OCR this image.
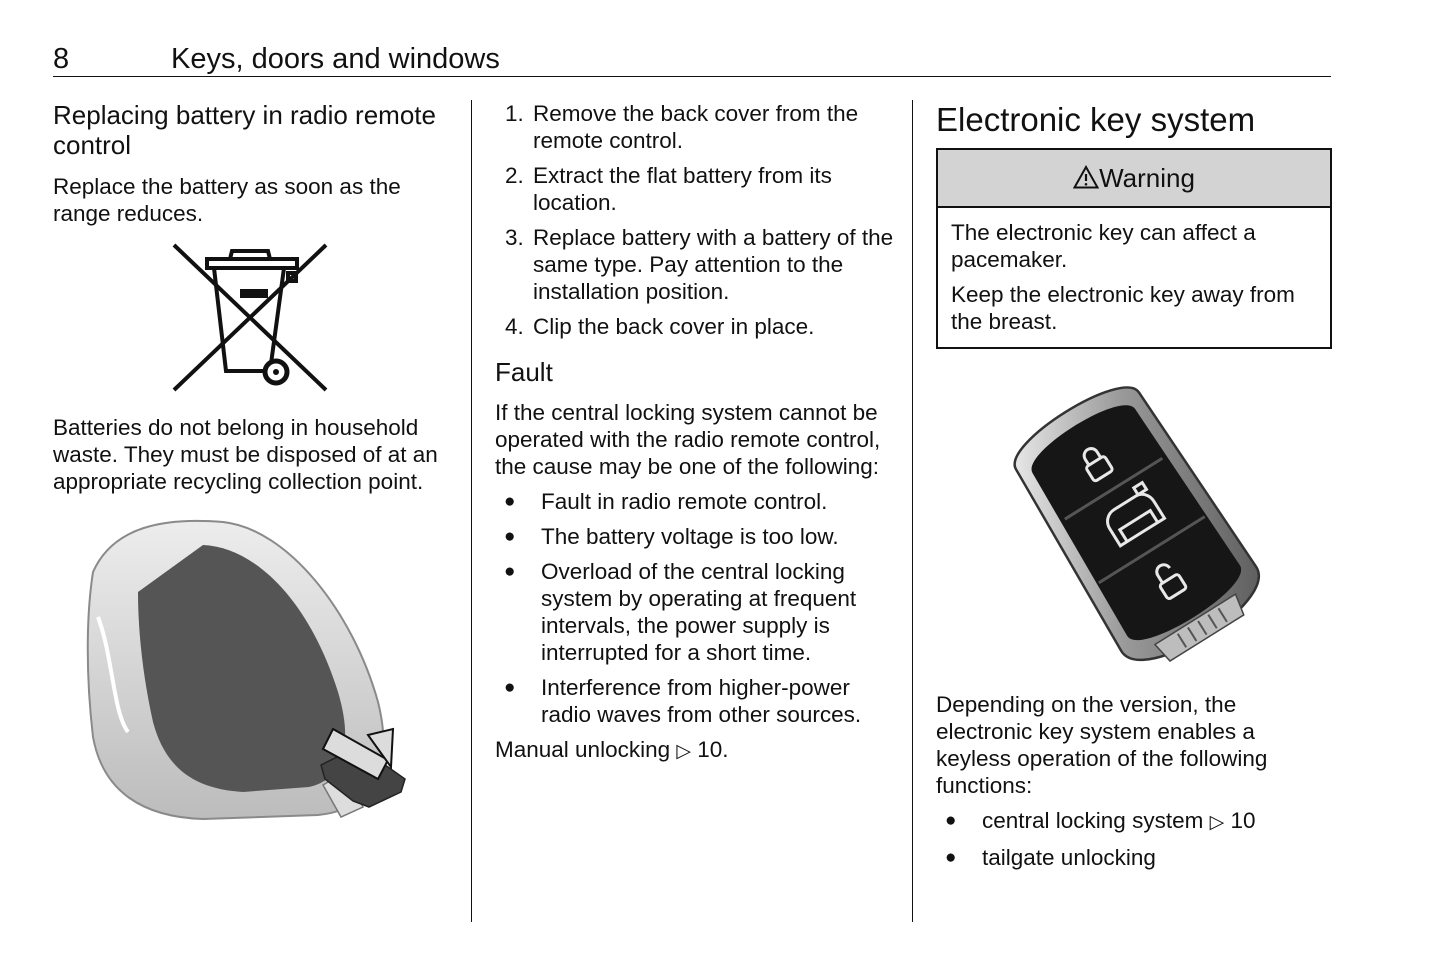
8	Keys, doors and windows
Replacing battery in radio remote control

Replace the battery as soon as the range reduces.

Batteries do not belong in household waste. They must be disposed of at an appropriate recycling collection point.

1. Remove the back cover from the remote control.
2. Extract the flat battery from its location.
3. Replace battery with a battery of the same type. Pay attention to the installation position.
4. Clip the back cover in place.
Fault

If the central locking system cannot be operated with the radio remote control, the cause may be one of the following:

● Fault in radio remote control.
● The battery voltage is too low.
● Overload of the central locking system by operating at frequent intervals, the power supply is interrupted for a short time.
● Interference from higher-power radio waves from other sources.

Manual unlocking ▷ 10.

Electronic key system
Warning

The electronic key can affect a pacemaker.

Keep the electronic key away from the breast.

Depending on the version, the electronic key system enables a keyless operation of the following functions:

● central locking system ▷ 10
● tailgate unlocking
